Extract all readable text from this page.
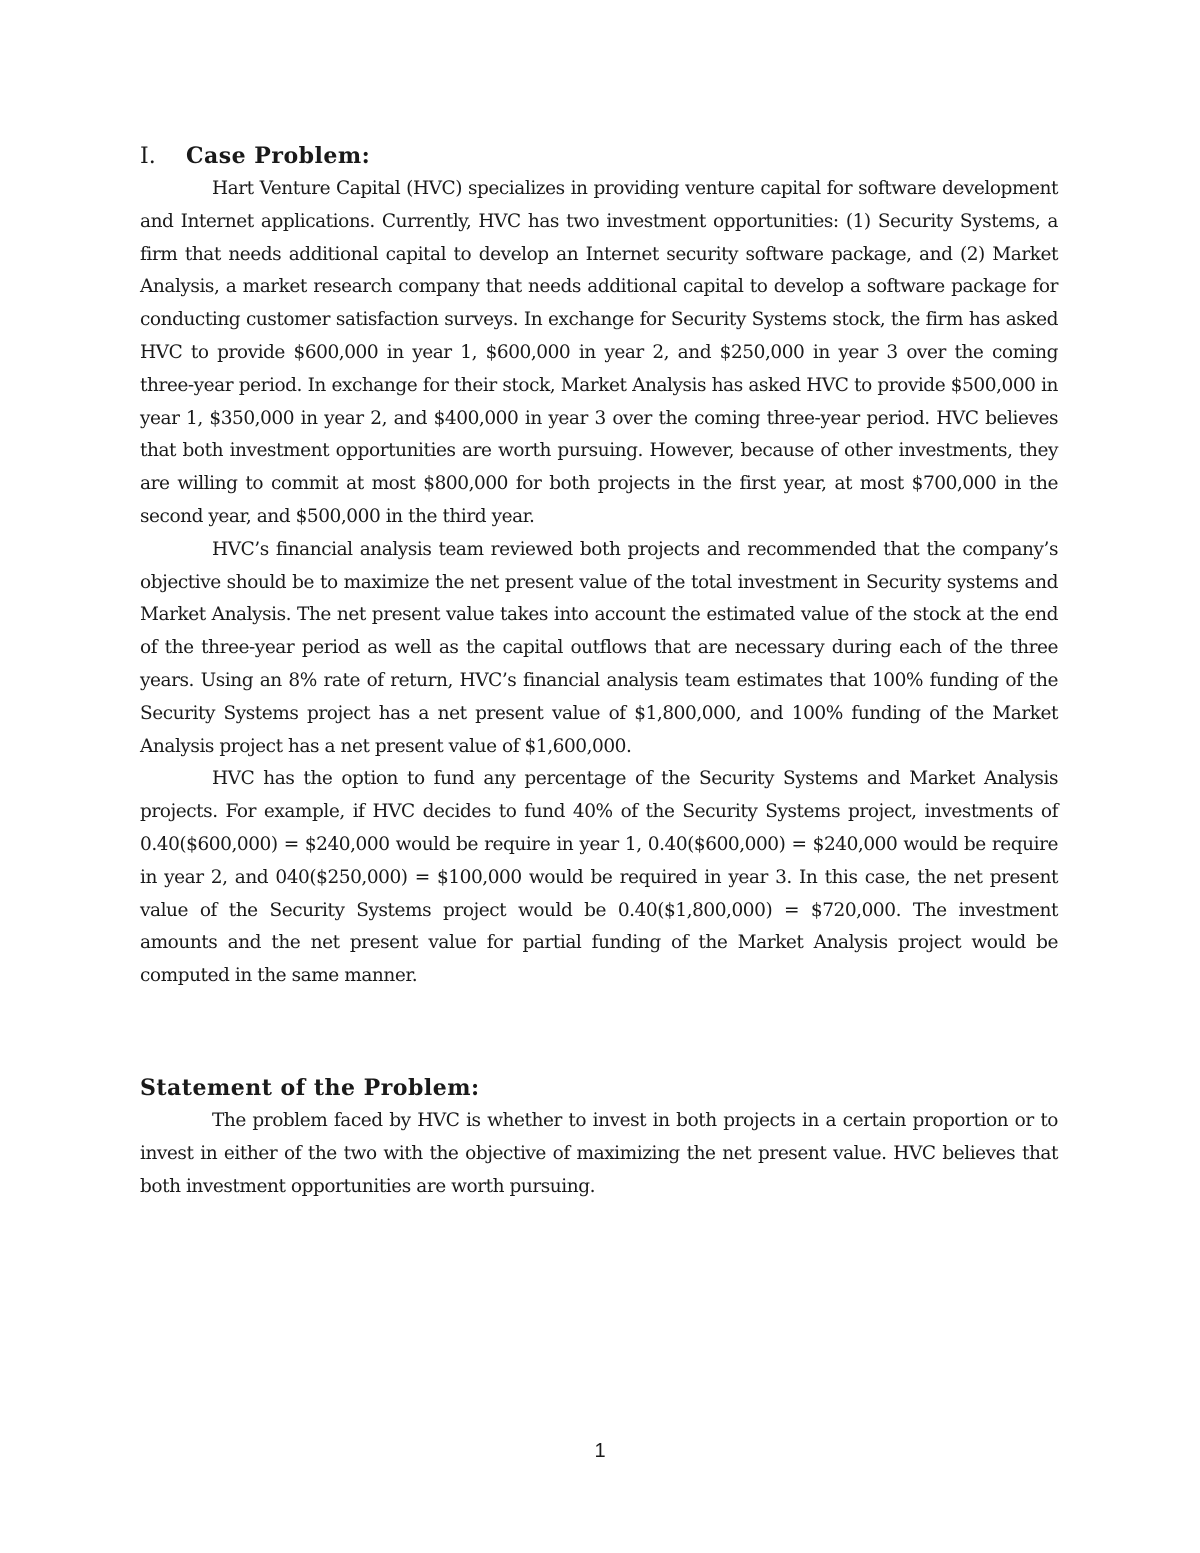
I. Case Problem:

Hart Venture Capital (HVC) specializes in providing venture capital for software development and Internet applications. Currently, HVC has two investment opportunities: (1) Security Systems, a firm that needs additional capital to develop an Internet security software package, and (2) Market Analysis, a market research company that needs additional capital to develop a software package for conducting customer satisfaction surveys. In exchange for Security Systems stock, the firm has asked HVC to provide $600,000 in year 1, $600,000 in year 2, and $250,000 in year 3 over the coming three-year period. In exchange for their stock, Market Analysis has asked HVC to provide $500,000 in year 1, $350,000 in year 2, and $400,000 in year 3 over the coming three-year period. HVC believes that both investment opportunities are worth pursuing. However, because of other investments, they are willing to commit at most $800,000 for both projects in the first year, at most $700,000 in the second year, and $500,000 in the third year.

HVC’s financial analysis team reviewed both projects and recommended that the company’s objective should be to maximize the net present value of the total investment in Security systems and Market Analysis. The net present value takes into account the estimated value of the stock at the end of the three-year period as well as the capital outflows that are necessary during each of the three years. Using an 8% rate of return, HVC’s financial analysis team estimates that 100% funding of the Security Systems project has a net present value of $1,800,000, and 100% funding of the Market Analysis project has a net present value of $1,600,000.

HVC has the option to fund any percentage of the Security Systems and Market Analysis projects. For example, if HVC decides to fund 40% of the Security Systems project, investments of 0.40($600,000) = $240,000 would be require in year 1, 0.40($600,000) = $240,000 would be require in year 2, and 040($250,000) = $100,000 would be required in year 3. In this case, the net present value of the Security Systems project would be 0.40($1,800,000) = $720,000. The investment amounts and the net present value for partial funding of the Market Analysis project would be computed in the same manner.

Statement of the Problem:

The problem faced by HVC is whether to invest in both projects in a certain proportion or to invest in either of the two with the objective of maximizing the net present value. HVC believes that both investment opportunities are worth pursuing.

1
